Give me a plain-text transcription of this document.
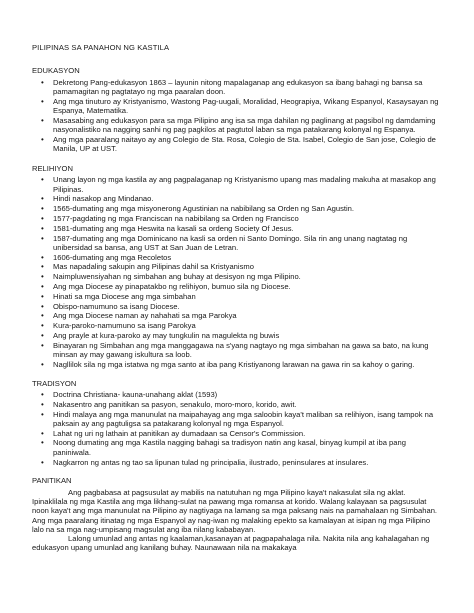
PILIPINAS SA PANAHON NG KASTILA
EDUKASYON
• Dekretong Pang-edukasyon 1863 – layunin nitong mapalaganap ang edukasyon sa ibang bahagi ng bansa sa pamamagitan ng pagtatayo ng mga paaralan doon.
• Ang mga tinuturo ay Kristyanismo, Wastong Pag-uugali, Moralidad, Heograpiya, Wikang Espanyol, Kasaysayan ng Espanya, Matematika.
• Masasabing ang edukasyon para sa mga Pilipino ang isa sa mga dahilan ng paglinang at pagsibol ng damdaming nasyonalistiko na nagging sanhi ng pag pagkilos at pagtutol laban sa mga patakarang kolonyal ng Espanya.
• Ang mga paaralang naitayo ay ang Colegio de Sta. Rosa, Colegio de Sta. Isabel, Colegio de San jose, Colegio de Manila, UP at UST.
RELIHIYON
• Unang layon ng mga kastila ay ang pagpalaganap ng Kristyanismo upang mas madaling makuha at masakop ang Pilipinas.
• Hindi nasakop ang Mindanao.
• 1565-dumating ang mga misyonerong Agustinian na nabibilang sa Orden ng San Agustin.
• 1577-pagdating ng mga Franciscan na nabibilang sa Orden ng Francisco
• 1581-dumating ang mga Heswita na kasali sa ordeng Society Of Jesus.
• 1587-dumating ang mga Dominicano na kasli sa orden ni Santo Domingo. Sila rin ang unang nagtatag ng unibersidad sa bansa, ang UST at San Juan de Letran.
• 1606-dumating ang mga Recoletos
• Mas napadaling sakupin ang Pilipinas dahil sa Kristyanismo
• Naimpluwensiyahan ng simbahan ang buhay at desisyon ng mga Pilipino.
• Ang mga Diocese ay pinapatakbo ng relihiyon, bumuo sila ng Diocese.
• Hinati sa mga Diocese ang mga simbahan
• Obispo-namumuno sa isang Diocese.
• Ang mga Diocese naman ay nahahati sa mga Parokya
• Kura-paroko-namumuno sa isang Parokya
• Ang prayle at kura-paroko ay may tungkulin na magulekta ng buwis
• Binayaran ng Simbahan ang mga manggagawa na s'yang nagtayo ng mga simbahan na gawa sa bato, na kung minsan ay may gawang iskultura sa loob.
• Nagllilok sila ng mga istatwa ng mga santo at iba pang Kristiyanong larawan na gawa rin sa kahoy o garing.
TRADISYON
• Doctrina Christiana- kauna-unahang aklat (1593)
• Nakasentro ang panitikan sa pasyon, senakulo, moro-moro, korido, awit.
• Hindi malaya ang mga manunulat na maipahayag ang mga saloobin kaya't maliban sa relihiyon, isang tampok na paksain ay ang pagtuligsa sa patakarang kolonyal ng mga Espanyol.
• Lahat ng uri ng lathain at panitikan ay dumadaan sa Censor's Commission.
• Noong dumating ang mga Kastila nagging bahagi sa tradisyon natin ang kasal, binyag kumpil at iba pang paniniwala.
• Nagkarron ng antas ng tao sa lipunan tulad ng principalia, ilustrado, peninsulares at insulares.
PANITIKAN

Ang pagbabasa at pagsusulat ay mabilis na natutuhan ng mga Pilipino kaya't nakasulat sila ng aklat. Ipinaklilala ng mga Kastila ang mga likhang-sulat na pawang mga romansa at korido. Walang kalayaan sa pagsusulat noon kaya't ang mga manunulat na Pilipino ay nagtiyaga na lamang sa mga paksang nais na pamahalaan ng Simbahan. Ang mga paaralang itinatag ng mga Espanyol ay nag-iwan ng malaking epekto sa kamalayan at isipan ng mga Pilipino lalo na sa mga nag-umpisang magsulat ang iba nilang kababayan.

Lalong umunlad ang antas ng kaalaman,kasanayan at pagpapahalaga nila. Nakita nila ang kahalagahan ng edukasyon upang umunlad ang kanilang buhay. Naunawaan nila na makakaya
